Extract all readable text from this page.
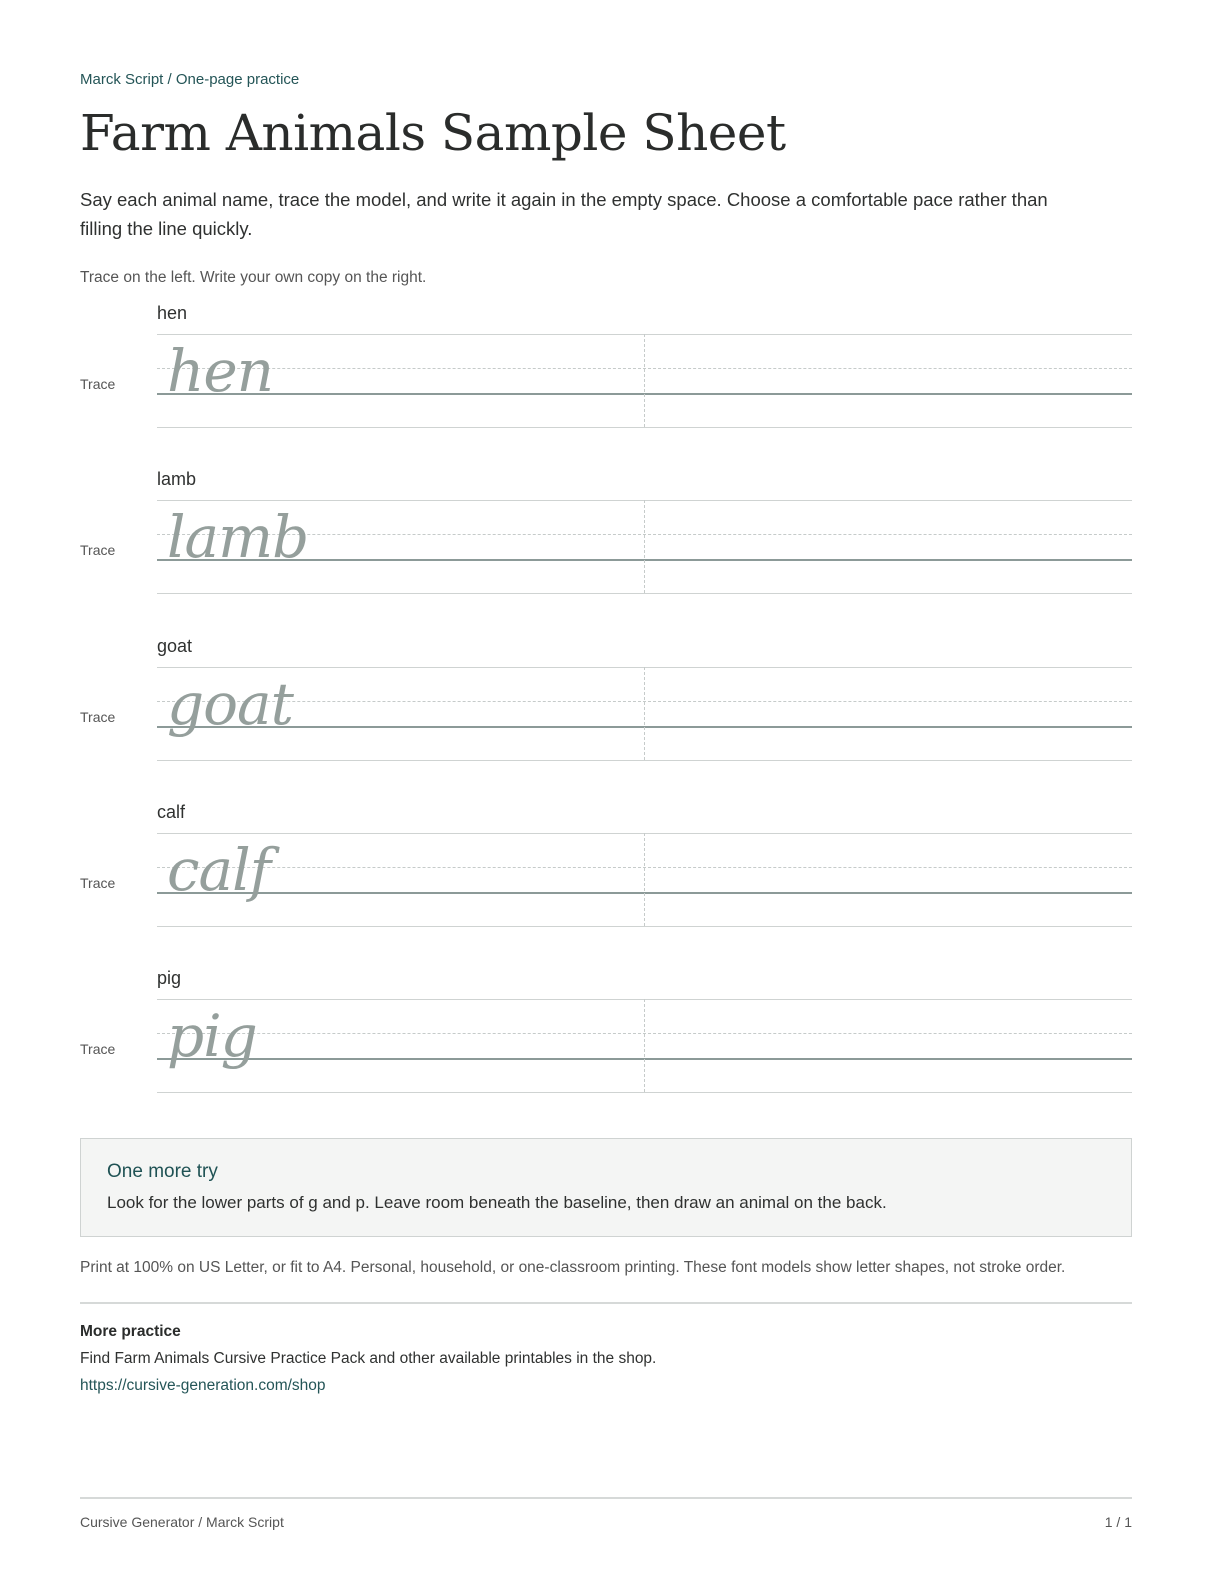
Marck Script / One-page practice
Farm Animals Sample Sheet

Say each animal name, trace the model, and write it again in the empty space. Choose a comfortable pace rather than filling the line quickly.

Trace on the left. Write your own copy on the right.
hen
Trace hen
lamb
Trace lamb
goat
Trace goat
calf
Trace calf
pig
Trace pig
One more try
Look for the lower parts of g and p. Leave room beneath the baseline, then draw an animal on the back.
Print at 100% on US Letter, or fit to A4. Personal, household, or one-classroom printing. These font models show letter shapes, not stroke order.
More practice
Find Farm Animals Cursive Practice Pack and other available printables in the shop.
https://cursive-generation.com/shop
Cursive Generator / Marck Script	1 / 1
